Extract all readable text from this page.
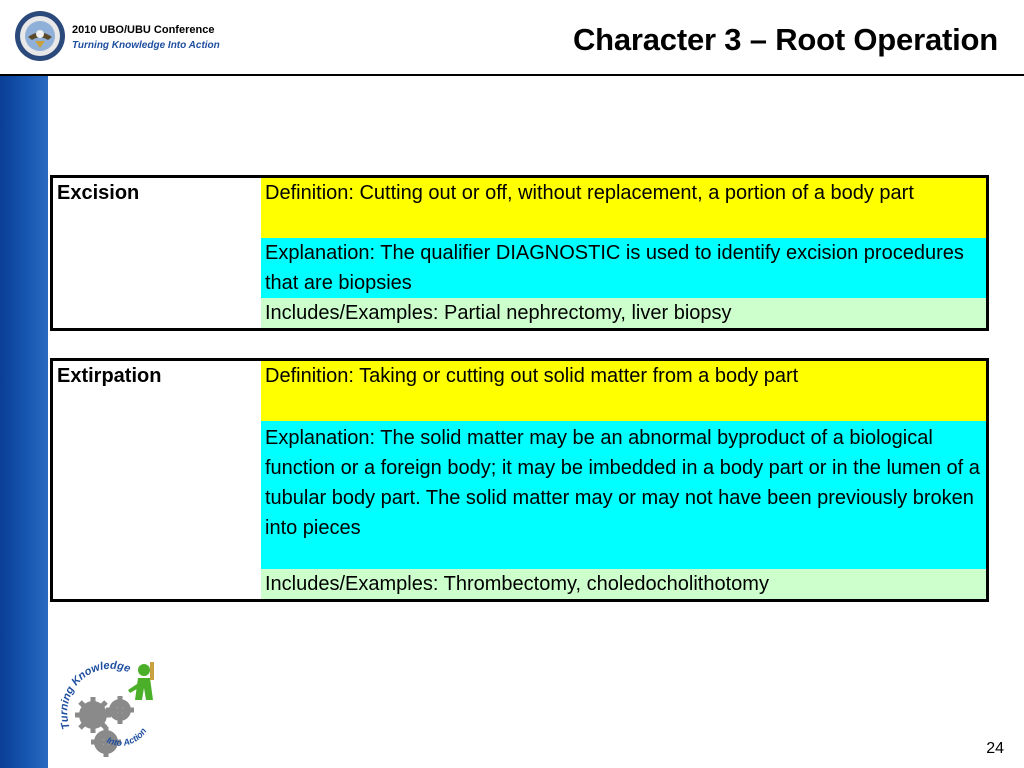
2010 UBO/UBU Conference
Turning Knowledge Into Action	Character 3 – Root Operation
Excision	Definition: Cutting out or off, without replacement, a portion of a body part
Explanation: The qualifier DIAGNOSTIC is used to identify excision procedures that are biopsies
Includes/Examples: Partial nephrectomy, liver biopsy
Extirpation	Definition: Taking or cutting out solid matter from a body part
Explanation: The solid matter may be an abnormal byproduct of a biological function or a foreign body; it may be imbedded in a body part or in the lumen of a tubular body part. The solid matter may or may not have been previously broken into pieces
Includes/Examples: Thrombectomy, choledocholithotomy
Turning Knowledge
Into Action
24
